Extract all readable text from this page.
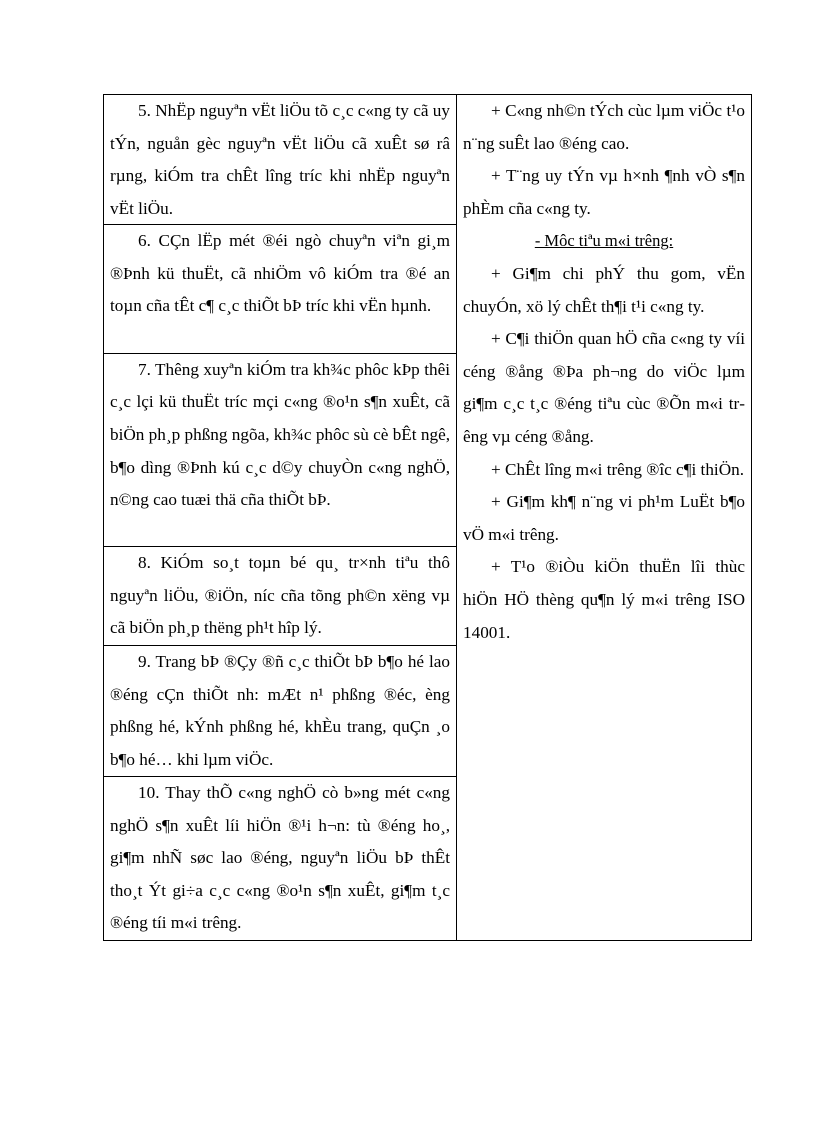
5. NhËp nguyªn vËt liÖu tõ c¸c c«ng ty cã uy tÝn, nguån gèc nguyªn vËt liÖu cã xuÊt sø râ rµng, kiÓm tra chÊt lîng tríc khi nhËp nguyªn vËt liÖu.

6. CÇn lËp mét ®éi ngò chuyªn viªn gi¸m ®Þnh kü thuËt, cã nhiÖm vô kiÓm tra ®é an toµn cña tÊt c¶ c¸c thiÕt bÞ tríc khi vËn hµnh.

7. Thêng xuyªn kiÓm tra kh¾c phôc kÞp thêi c¸c lçi kü thuËt tríc mçi c«ng ®o¹n s¶n xuÊt, cã biÖn ph¸p phßng ngõa, kh¾c phôc sù cè bÊt ngê, b¶o dìng ®Þnh kú c¸c d©y chuyÒn c«ng nghÖ, n©ng cao tuæi thä cña thiÕt bÞ.

8. KiÓm so¸t toµn bé qu¸ tr×nh tiªu thô nguyªn liÖu, ®iÖn, níc cña tõng ph©n xëng vµ cã biÖn ph¸p thëng ph¹t hîp lý.

9. Trang bÞ ®Çy ®ñ c¸c thiÕt bÞ b¶o hé lao ®éng cÇn thiÕt nh: mÆt n¹ phßng ®éc, èng phßng hé, kÝnh phßng hé, khÈu trang, quÇn ¸o b¶o hé… khi lµm viÖc.

10. Thay thÕ c«ng nghÖ cò b»ng mét c«ng nghÖ s¶n xuÊt líi hiÖn ®¹i h¬n: tù ®éng ho¸, gi¶m nhÑ søc lao ®éng, nguyªn liÖu bÞ thÊt tho¸t Ýt gi÷a c¸c c«ng ®o¹n s¶n xuÊt, gi¶m t¸c ®éng tíi m«i trêng.

+ C«ng nh©n tÝch cùc lµm viÖc t¹o n¨ng suÊt lao ®éng cao.

+ T¨ng uy tÝn vµ h×nh ¶nh vÒ s¶n phÈm cña c«ng ty.

- Môc tiªu m«i trêng:

+ Gi¶m chi phÝ thu gom, vËn chuyÓn, xö lý chÊt th¶i t¹i c«ng ty.

+ C¶i thiÖn quan hÖ cña c«ng ty víi céng ®ång ®Þa ph¬ng do viÖc lµm gi¶m c¸c t¸c ®éng tiªu cùc ®Õn m«i trêng vµ céng ®ång.

+ ChÊt lîng m«i trêng ®îc c¶i thiÖn.

+ Gi¶m kh¶ n¨ng vi ph¹m LuËt b¶o vÖ m«i trêng.

+ T¹o ®iÒu kiÖn thuËn lîi thùc hiÖn HÖ thèng qu¶n lý m«i trêng ISO 14001.
